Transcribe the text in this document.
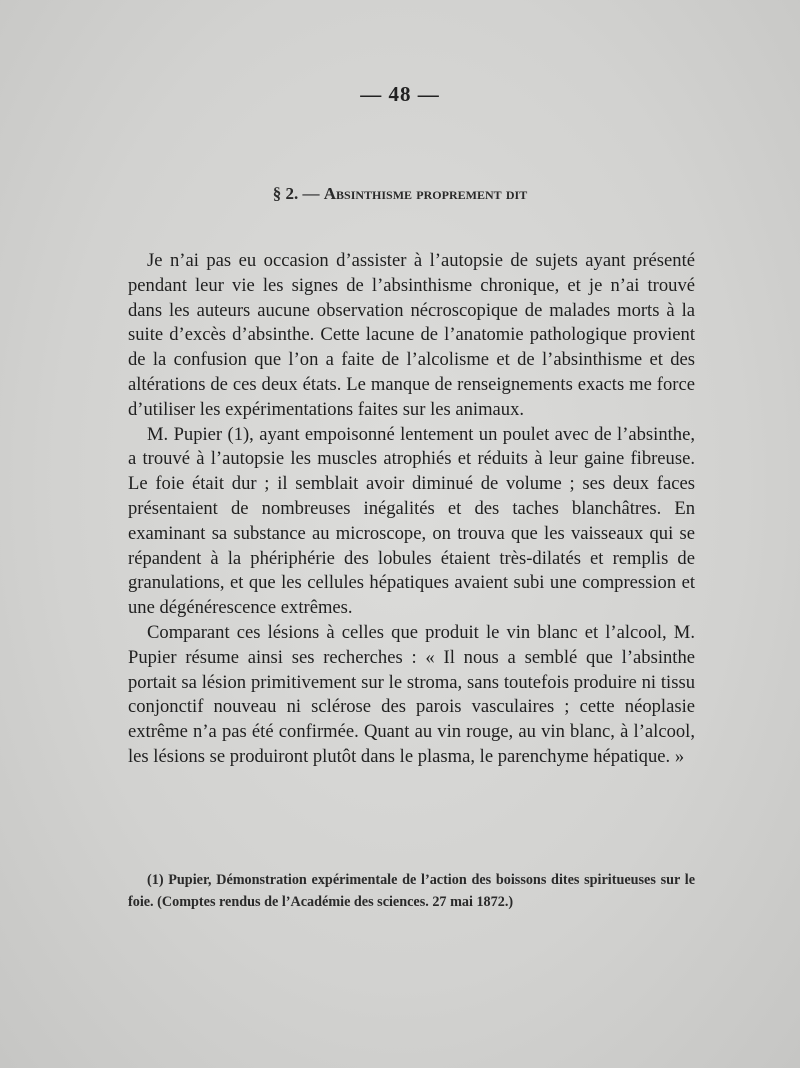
— 48 —
§ 2. — Absinthisme proprement dit

Je n’ai pas eu occasion d’assister à l’autopsie de sujets ayant présenté pendant leur vie les signes de l’absinthisme chronique, et je n’ai trouvé dans les auteurs aucune observation nécroscopique de malades morts à la suite d’excès d’absinthe. Cette lacune de l’anatomie pathologique provient de la confusion que l’on a faite de l’alcolisme et de l’absinthisme et des altérations de ces deux états. Le manque de renseignements exacts me force d’utiliser les expérimentations faites sur les animaux.

M. Pupier (1), ayant empoisonné lentement un poulet avec de l’absinthe, a trouvé à l’autopsie les muscles atrophiés et réduits à leur gaine fibreuse. Le foie était dur ; il semblait avoir diminué de volume ; ses deux faces présentaient de nombreuses inégalités et des taches blanchâtres. En examinant sa substance au microscope, on trouva que les vaisseaux qui se répandent à la phériphérie des lobules étaient très-dilatés et remplis de granulations, et que les cellules hépatiques avaient subi une compression et une dégénérescence extrêmes.

Comparant ces lésions à celles que produit le vin blanc et l’alcool, M. Pupier résume ainsi ses recherches : « Il nous a semblé que l’absinthe portait sa lésion primitivement sur le stroma, sans toutefois produire ni tissu conjonctif nouveau ni sclérose des parois vasculaires ; cette néoplasie extrême n’a pas été confirmée. Quant au vin rouge, au vin blanc, à l’alcool, les lésions se produiront plutôt dans le plasma, le parenchyme hépatique. »

(1) Pupier, Démonstration expérimentale de l’action des boissons dites spiritueuses sur le foie. (Comptes rendus de l’Académie des sciences. 27 mai 1872.)
